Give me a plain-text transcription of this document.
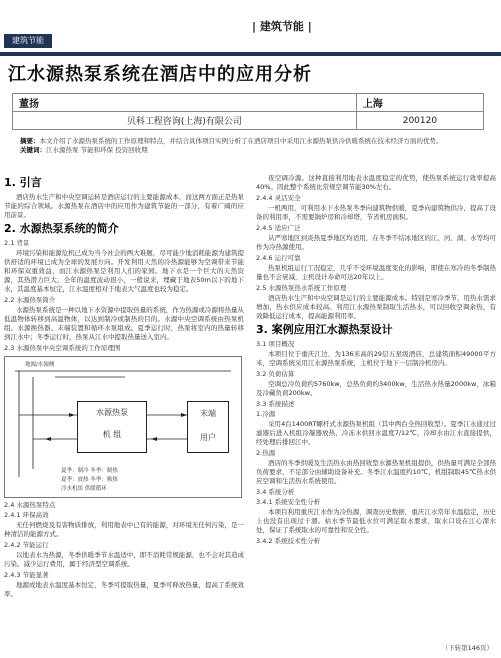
建筑节能
| 建筑节能 |
江水源热泵系统在酒店中的应用分析
董扬	上海
贝科工程咨询(上海)有限公司	200120
摘要：本文介绍了水源热泵系统的工作原理和特点，并结合具体项目实例分析了在酒店项目中采用江水源热泵供冷供暖系统在技术经济方面的优势。
关键词：江水源热泵 节能和环保 投资回收期
1. 引言

酒店热水生产和中央空调运转是酒店运行的主要能源成本，而这两方面正是热泵节能的综合领域。水源热泵在酒店中的应用作为建筑节能的一部分，有着广阔的应用前景。

2. 水源热泵系统的简介
2.1 背景

环境污染和能源危机已成为当今社会的两大难题，尽可能少地消耗能源为建筑提供舒适的环境已成为全球的发展方向。开发利用天然的冷热源能够为空调带来节能和环保双重效益，而江水源热泵是利用人们的家园。地下水是一个巨大的天然资源，其热潜力巨大，全年的温度波动很小，一般说来，埋藏于地表50m以下的地下水，其温度基本恒定，江水温度相对于地表大气温度也较为稳定。

2.2 水源热泵简介

水源热泵系统是一种以地下水资源中提取热量的系统，作为热源或冷源将热量从低温物体转移到高温物体，以达到制冷或制热的目的。水源中央空调系统由热泵机组、水源换热器、末端装置和循环水泵组成。夏季运行时，热泵将室内的热量转移到江水中；冬季运行时，热泵从江水中提取热量送入室内。

2.3 水源热泵中央空调系统的工作原理图
地源/水源侧
水源热泵
机 组
末端
用户
夏季：制冷 冬季：制热
夏季：放热 冬季：吸热
冷水机组 供暖循环
2.4 水源热泵特点
2.4.1 环保高效

无任何燃烧及有害物质排放，利用地表中已有的能源，对环境无任何污染，是一种清洁的能源方式。

2.4.2 节能运行

以地表水为热源，冬季供暖季节水温适中，即不消耗常规能源，也不会对其造成污染。减少运行费用，属于经济型空调系统。

2.4.3 节能显著

地源或地表水温度基本恒定，冬季可提取热量，夏季可释放热量，提高了系统效率。

夜空调冷源。这种直接利用地表水温度稳定的优势，使热泵系统运行效率提高40%。因此整个系统比常规空调节能30%左右。

2.4.4 灵活安全

一机两用，可利用水下水热泵冬季向建筑物供暖，夏季向建筑物供冷，提高了设备的利用率，不需要锅炉房和冷却塔，节省机房面积。

2.4.5 适应广泛

从严寒地区到炎热夏季地区均适用，在冬季不结冰地区的江、河、湖、水等均可作为冷热源使用。

2.4.6 运行可靠

热泵机组运行工况稳定，几乎不受环境温度变化的影响，即使在寒冷的冬季制热量也不会衰减，主机设计寿命可达20年以上。

2.5 水源热泵热水系统工作原理

酒店热水生产和中央空调是运行的主要能源成本。特别是寒冷季节，用热水需求增加，热水供应成本较高。利用江水源热泵制取生活热水，可以回收空调余热，有效降低运行成本，提高能源利用率。

3. 案例应用江水源热泵设计
3.1 项目概况

本项目位于重庆江边，为136米高的29层五星级酒店，总建筑面积49000平方米，空调系统采用江水源热泵系统，主机位于地下一层制冷机房内。

3.2 负荷估算

空调总冷负荷约5760kw，总热负荷约3400kw，生活热水热量2000kw，冰箱及冷藏负荷200kw。

3.3 系统描述
1.冷源

采用4台1400RT螺杆式水源热泵机组（其中两台全热回收型）。夏季江水通过过滤器后进入机组冷凝器放热，冷冻水供回水温度7/12℃，冷却水由江水直接提供，经处理后排回江中。

2.热源

酒店的冬季供暖及生活热水由热回收型水源热泵机组提供，供热量可满足全部热负荷要求，不足部分由辅助设备补充。冬季江水温度约10℃，机组制取45℃热水供应空调和生活热水系统使用。

3.4 系统分析
3.4.1 系统安全性分析

本项目利用重庆江水作为冷热源，调查历史数据，重庆江水常年水温稳定，历史上也没有出现过干涸。枯水季节最低水位可满足取水要求，取水口设在江心深水处，保证了系统取水的可靠性和安全性。

3.4.2 系统技术性分析
（ 下转第146页 ）
